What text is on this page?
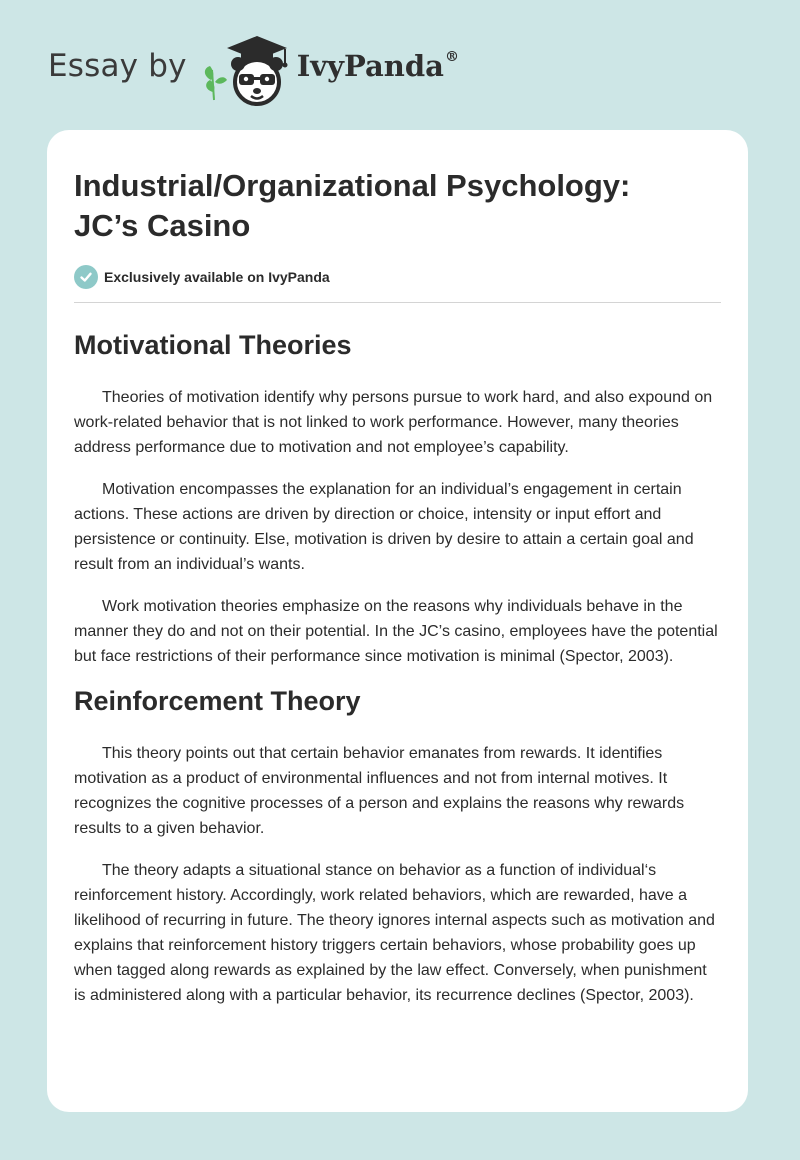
Essay by	IvyPanda®
Industrial/Organizational Psychology:
JC’s Casino
Exclusively available on IvyPanda
Motivational Theories

Theories of motivation identify why persons pursue to work hard, and also expound on work-related behavior that is not linked to work performance. However, many theories address performance due to motivation and not employee’s capability.

Motivation encompasses the explanation for an individual’s engagement in certain actions. These actions are driven by direction or choice, intensity or input effort and persistence or continuity. Else, motivation is driven by desire to attain a certain goal and result from an individual’s wants.

Work motivation theories emphasize on the reasons why individuals behave in the manner they do and not on their potential. In the JC’s casino, employees have the potential but face restrictions of their performance since motivation is minimal (Spector, 2003).

Reinforcement Theory

This theory points out that certain behavior emanates from rewards. It identifies motivation as a product of environmental influences and not from internal motives. It recognizes the cognitive processes of a person and explains the reasons why rewards results to a given behavior.

The theory adapts a situational stance on behavior as a function of individual‘s reinforcement history. Accordingly, work related behaviors, which are rewarded, have a likelihood of recurring in future. The theory ignores internal aspects such as motivation and explains that reinforcement history triggers certain behaviors, whose probability goes up when tagged along rewards as explained by the law effect. Conversely, when punishment is administered along with a particular behavior, its recurrence declines (Spector, 2003).
